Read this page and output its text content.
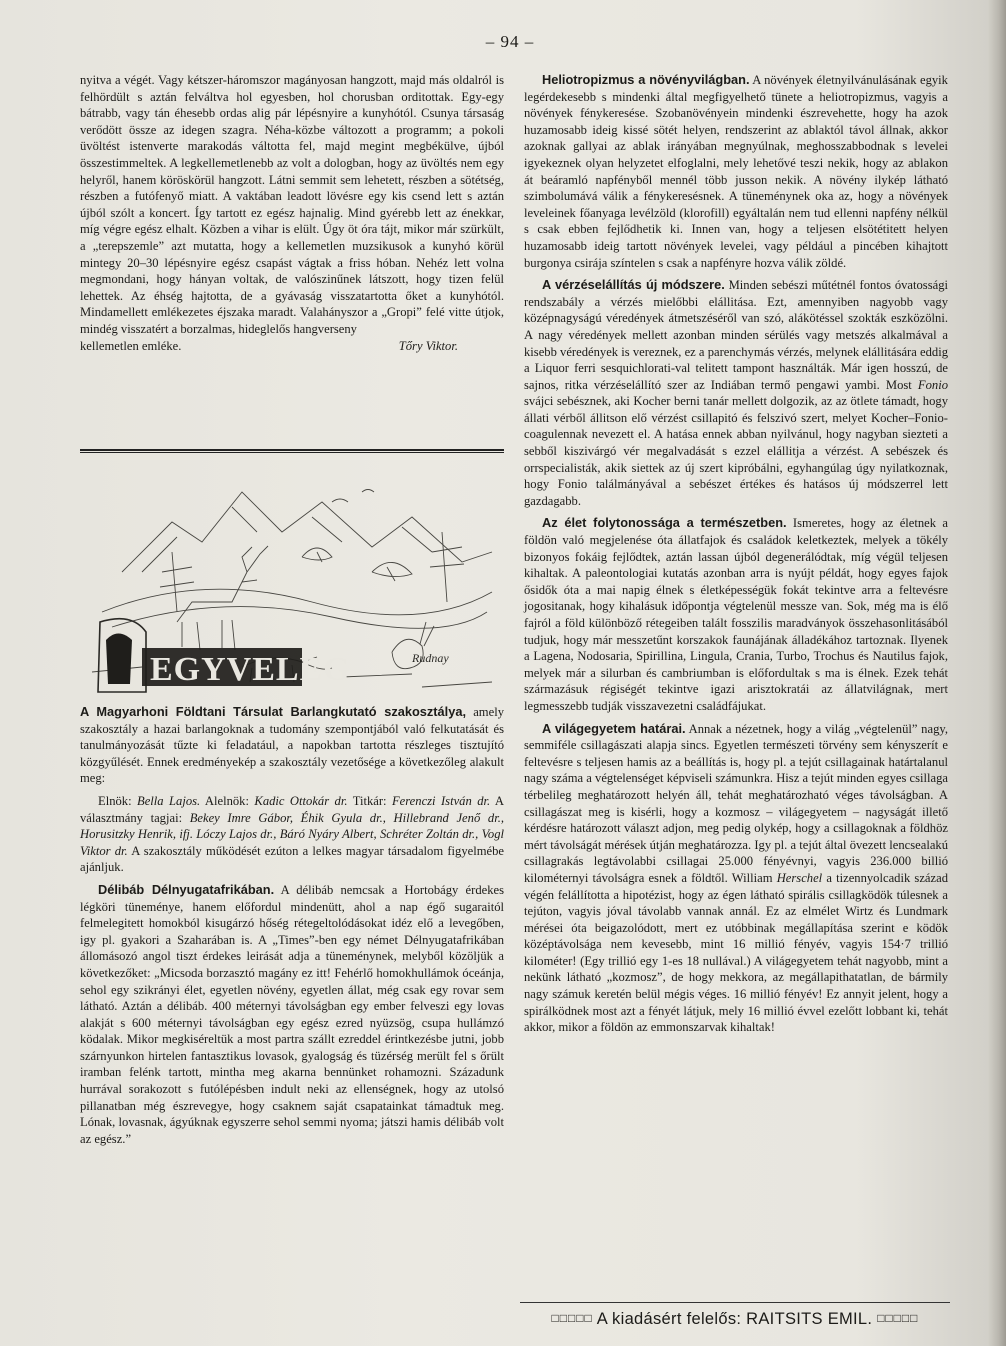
– 94 –

nyitva a végét. Vagy kétszer-háromszor magányosan hangzott, majd más oldalról is felhördült s aztán felváltva hol egyesben, hol chorusban orditottak. Egy-egy bátrabb, vagy tán éhesebb ordas alig pár lépésnyire a kunyhótól. Csunya társaság verődött össze az idegen szagra. Néha-közbe változott a programm; a pokoli üvöltést istenverte marakodás váltotta fel, majd megint megbékülve, újból összestimmeltek. A legkellemetlenebb az volt a dologban, hogy az üvöltés nem egy helyről, hanem köröskörül hangzott. Látni semmit sem lehetett, részben a sötétség, részben a futófenyő miatt. A vaktában leadott lövésre egy kis csend lett s aztán újból szólt a koncert. Így tartott ez egész hajnalig. Mind gyérebb lett az énekkar, míg végre egész elhalt. Közben a vihar is elült. Úgy öt óra tájt, mikor már szürkült, a „terepszemle” azt mutatta, hogy a kellemetlen muzsikusok a kunyhó körül mintegy 20–30 lépésnyire egész csapást vágtak a friss hóban. Nehéz lett volna megmondani, hogy hányan voltak, de valószinűnek látszott, hogy tizen felül lehettek. Az éhség hajtotta, de a gyávaság visszatartotta őket a kunyhótól. Mindamellett emlékezetes éjszaka maradt. Valahányszor a „Gropi” felé vitte útjok, mindég visszatért a borzalmas, hideglelős hangverseny

kellemetlen emléke.	Tőry Viktor.
EGYVELEG	Rudnay

A Magyarhoni Földtani Társulat Barlangkutató szakosztálya, amely szakosztály a hazai barlangoknak a tudomány szempontjából való felkutatását és tanulmányozását tűzte ki feladatául, a napokban tartotta részleges tisztujító közgyűlését. Ennek eredményekép a szakosztály vezetősége a következőleg alakult meg:

Elnök: Bella Lajos. Alelnök: Kadic Ottokár dr. Titkár: Ferenczi István dr. A választmány tagjai: Bekey Imre Gábor, Éhik Gyula dr., Hillebrand Jenő dr., Horusitzky Henrik, ifj. Lóczy Lajos dr., Báró Nyáry Albert, Schréter Zoltán dr., Vogl Viktor dr. A szakosztály működését ezúton a lelkes magyar társadalom figyelmébe ajánljuk.

Délibáb Délnyugatafrikában. A délibáb nemcsak a Hortobágy érdekes légköri tüneménye, hanem előfordul mindenütt, ahol a nap égő sugaraitól felmelegitett homokból kisugárzó hőség rétegeltolódásokat idéz elő a levegőben, igy pl. gyakori a Szaharában is. A „Times”-ben egy német Délnyugatafrikában állomásozó angol tiszt érdekes leirását adja a tüneménynek, melyből közöljük a következőket: „Micsoda borzasztó magány ez itt! Fehérlő homokhullámok óceánja, sehol egy szikrányi élet, egyetlen növény, egyetlen állat, még csak egy rovar sem látható. Aztán a délibáb. 400 méternyi távolságban egy ember felveszi egy lovas alakját s 600 méternyi távolságban egy egész ezred nyüzsög, csupa hullámzó ködalak. Mikor megkiséreltük a most partra szállt ezreddel érintkezésbe jutni, jobb szárnyunkon hirtelen fantasztikus lovasok, gyalogság és tüzérség merült fel s őrült iramban felénk tartott, mintha meg akarna bennünket rohamozni. Századunk hurrával sorakozott s futólépésben indult neki az ellenségnek, hogy az utolsó pillanatban még észrevegye, hogy csaknem saját csapatainkat támadtuk meg. Lónak, lovasnak, ágyúknak egyszerre sehol semmi nyoma; játszi hamis délibáb volt az egész.”

Heliotropizmus a növényvilágban. A növények életnyilvánulásának egyik legérdekesebb s mindenki által megfigyelhető tünete a heliotropizmus, vagyis a növények fénykeresése. Szobanövényein mindenki észrevehette, hogy ha azok huzamosabb ideig kissé sötét helyen, rendszerint az ablaktól távol állnak, akkor azoknak gallyai az ablak irányában megnyúlnak, meghosszabbodnak s levelei igyekeznek olyan helyzetet elfoglalni, mely lehetővé teszi nekik, hogy az ablakon át beáramló napfényből mennél több jusson nekik. A növény ilykép látható szimbolumává válik a fénykeresésnek. A tüneménynek oka az, hogy a növények leveleinek főanyaga levélzöld (klorofill) egyáltalán nem tud ellenni napfény nélkül s csak ebben fejlődhetik ki. Innen van, hogy a teljesen elsötétitett helyen huzamosabb ideig tartott növények levelei, vagy például a pincében kihajtott burgonya csirája színtelen s csak a napfényre hozva válik zöldé.

A vérzéselállítás új módszere. Minden sebészi műtétnél fontos óvatossági rendszabály a vérzés mielőbbi elállitása. Ezt, amennyiben nagyobb vagy középnagyságú véredények átmetszéséről van szó, alákötéssel szokták eszközölni. A nagy véredények mellett azonban minden sérülés vagy metszés alkalmával a kisebb véredények is vereznek, ez a parenchymás vérzés, melynek elállitására eddig a Liquor ferri sesquichlorati-val telitett tampont használták. Már igen hosszú, de sajnos, ritka vérzéselállító szer az Indiában termő pengawi yambi. Most Fonio svájci sebésznek, aki Kocher berni tanár mellett dolgozik, az az ötlete támadt, hogy állati vérből állitson elő vérzést csillapitó és felszivó szert, melyet Kocher–Fonio-coagulennak nevezett el. A hatása ennek abban nyilvánul, hogy nagyban siezteti a sebből kiszivárgó vér megalvadását s ezzel elállitja a vérzést. A sebészek és orrspecialisták, akik siettek az új szert kipróbálni, egyhangúlag úgy nyilatkoznak, hogy Fonio találmányával a sebészet értékes és hatásos új módszerrel lett gazdagabb.

Az élet folytonossága a természetben. Ismeretes, hogy az életnek a földön való megjelenése óta állatfajok és családok keletkeztek, melyek a tökély bizonyos fokáig fejlődtek, aztán lassan újból degenerálódtak, míg végül teljesen kihaltak. A paleontologiai kutatás azonban arra is nyújt példát, hogy egyes fajok ősidők óta a mai napig élnek s életképességük fokát tekintve arra a feltevésre jogositanak, hogy kihalásuk időpontja végtelenül messze van. Sok, még ma is élő fajról a föld különböző rétegeiben talált fosszilis maradványok összehasonlitásából tudjuk, hogy már messzetűnt korszakok faunájának álladékához tartoznak. Ilyenek a Lagena, Nodosaria, Spirillina, Lingula, Crania, Turbo, Trochus és Nautilus fajok, melyek már a silurban és cambriumban is előfordultak s ma is élnek. Ezek tehát származásuk régiségét tekintve igazi arisztokratái az állatvilágnak, mert legmesszebb tudják visszavezetni családfájukat.

A világegyetem határai. Annak a nézetnek, hogy a világ „végtelenül” nagy, semmiféle csillagászati alapja sincs. Egyetlen természeti törvény sem kényszerít e feltevésre s teljesen hamis az a beállítás is, hogy pl. a tejút csillagainak határtalanul nagy száma a végtelenséget képviseli számunkra. Hisz a tejút minden egyes csillaga térbelileg meghatározott helyén áll, tehát meghatározható véges távolságban. A csillagászat meg is kisérli, hogy a kozmosz – világegyetem – nagyságát illető kérdésre határozott választ adjon, meg pedig olykép, hogy a csillagoknak a földhöz mért távolságát mérések útján meghatározza. Igy pl. a tejút által övezett lencsealakú csillagrakás legtávolabbi csillagai 25.000 fényévnyi, vagyis 236.000 billió kilométernyi távolságra esnek a földtől. William Herschel a tizennyolcadik század végén felállította a hipotézist, hogy az égen látható spirális csillagködök túlesnek a tejúton, vagyis jóval távolabb vannak annál. Ez az elmélet Wirtz és Lundmark mérései óta beigazolódott, mert ez utóbbinak megállapítása szerint e ködök középtávolsága nem kevesebb, mint 16 millió fényév, vagyis 154·7 trillió kilométer! (Egy trillió egy 1-es 18 nullával.) A világegyetem tehát nagyobb, mint a nekünk látható „kozmosz”, de hogy mekkora, az megállapithatatlan, de bármily nagy számuk keretén belül mégis véges. 16 millió fényév! Ez annyit jelent, hogy a spirálködnek most azt a fényét látjuk, mely 16 millió évvel ezelőtt lobbant ki, tehát akkor, mikor a földön az emmonszarvak kihaltak!

□□□□□ A kiadásért felelős: RAITSITS EMIL. □□□□□
